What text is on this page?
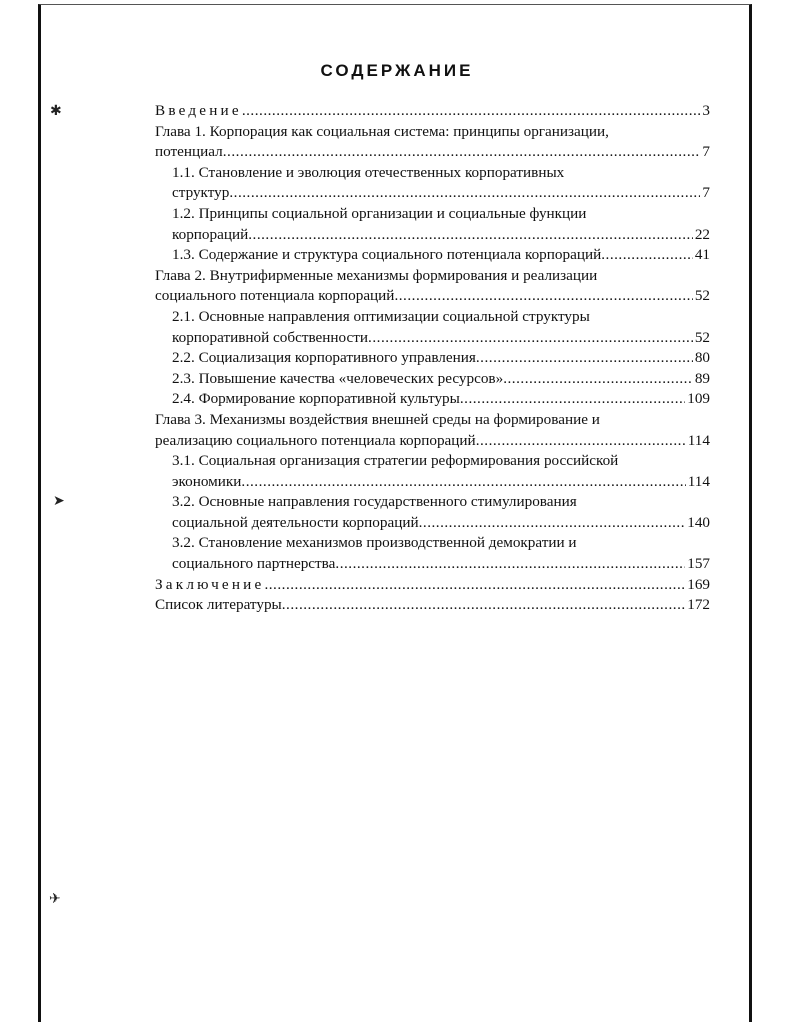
✱
➤
✈
СОДЕРЖАНИЕ
Введение .....	3
Глава 1. Корпорация как социальная система: принципы организации,
потенциал .....	7
1.1. Становление и эволюция отечественных корпоративных
структур .....	7
1.2. Принципы социальной организации и социальные функции
корпораций .....	22
1.3. Содержание и структура социального потенциала корпораций .....	41
Глава 2. Внутрифирменные механизмы формирования и реализации
социального потенциала корпораций .....	52
2.1. Основные направления оптимизации социальной структуры
корпоративной собственности .....	52
2.2. Социализация корпоративного управления .....	80
2.3. Повышение качества «человеческих ресурсов» .....	89
2.4. Формирование корпоративной культуры .....	109
Глава 3. Механизмы воздействия внешней среды на формирование и
реализацию социального потенциала корпораций .....	114
3.1. Социальная организация стратегии реформирования российской
экономики .....	114
3.2. Основные направления государственного стимулирования
социальной деятельности корпораций .....	140
3.2. Становление механизмов производственной демократии и
социального партнерства .....	157
Заключение .....	169
Список литературы .....	172
